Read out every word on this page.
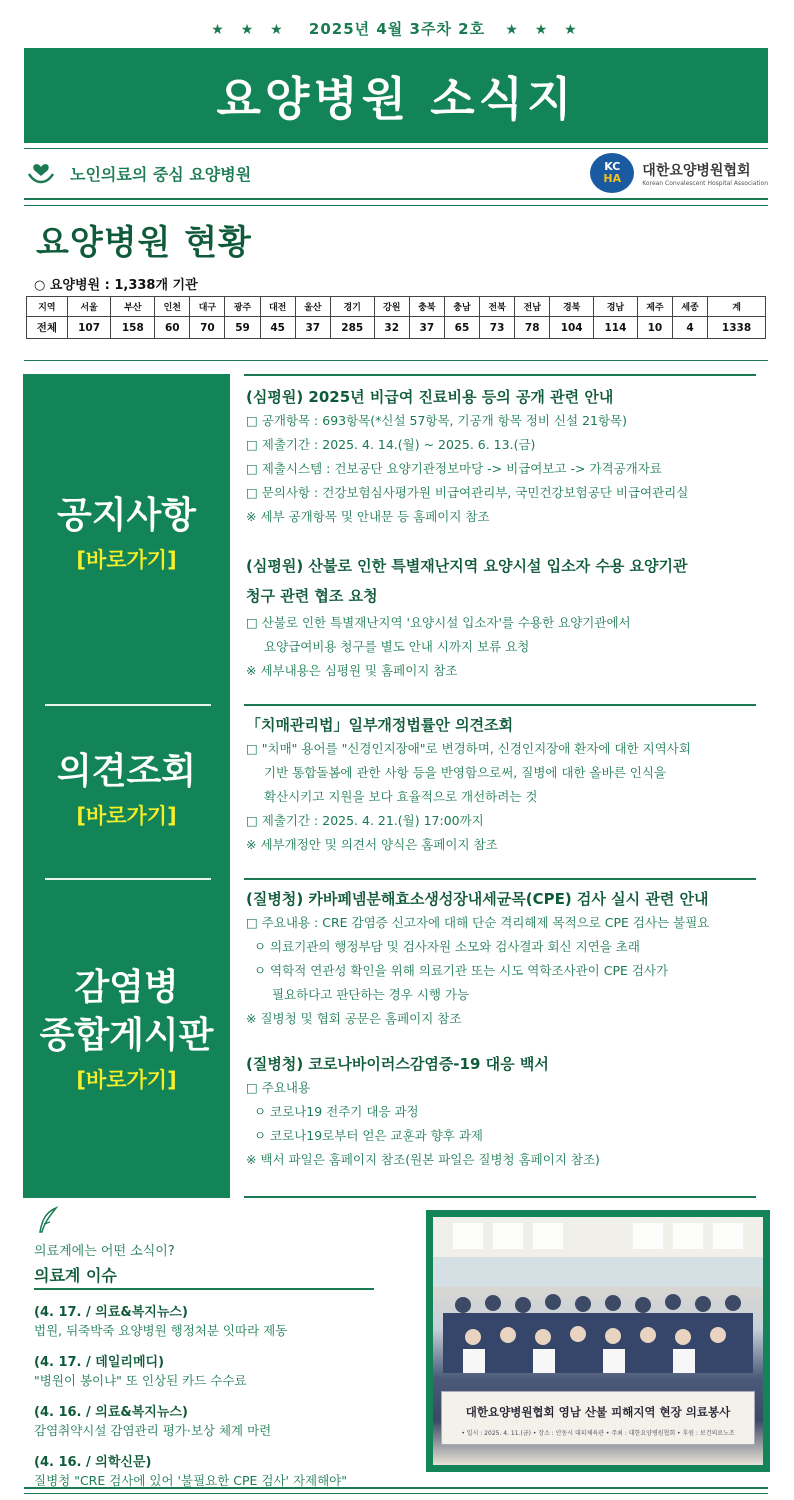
★ ★ ★ 2025년 4월 3주차 2호 ★ ★ ★
요양병원 소식지
노인의료의 중심 요양병원	KC
HA 대한요양병원협회
Korean Convalescent Hospital Association
요양병원 현황
○ 요양병원 : 1,338개 기관
지역	서울	부산	인천	대구	광주	대전	울산	경기	강원	충북	충남	전북	전남	경북	경남	제주	세종	계
전체	107	158	60	70	59	45	37	285	32	37	65	73	78	104	114	10	4	1338
공지사항
[바로가기]
의견조회
[바로가기]
감염병
종합게시판
[바로가기]
(심평원) 2025년 비급여 진료비용 등의 공개 관련 안내
□ 공개항목 : 693항목(*신설 57항목, 기공개 항목 정비 신설 21항목)
□ 제출기간 : 2025. 4. 14.(월) ~ 2025. 6. 13.(금)
□ 제출시스템 : 건보공단 요양기관정보마당 -> 비급여보고 -> 가격공개자료
□ 문의사항 : 건강보험심사평가원 비급여관리부, 국민건강보험공단 비급여관리실
※ 세부 공개항목 및 안내문 등 홈페이지 참조
(심평원) 산불로 인한 특별재난지역 요양시설 입소자 수용 요양기관
청구 관련 협조 요청
□ 산불로 인한 특별재난지역 '요양시설 입소자'를 수용한 요양기관에서
요양급여비용 청구를 별도 안내 시까지 보류 요청
※ 세부내용은 심평원 및 홈페이지 참조
「치매관리법」일부개정법률안 의견조회
□ "치매" 용어를 "신경인지장애"로 변경하며, 신경인지장애 환자에 대한 지역사회
기반 통합돌봄에 관한 사항 등을 반영함으로써, 질병에 대한 올바른 인식을
확산시키고 지원을 보다 효율적으로 개선하려는 것
□ 제출기간 : 2025. 4. 21.(월) 17:00까지
※ 세부개정안 및 의견서 양식은 홈페이지 참조
(질병청) 카바페넴분해효소생성장내세균목(CPE) 검사 실시 관련 안내
□ 주요내용 : CRE 감염증 신고자에 대해 단순 격리해제 목적으로 CPE 검사는 불필요
ㅇ 의료기관의 행정부담 및 검사자원 소모와 검사결과 회신 지연을 초래
ㅇ 역학적 연관성 확인을 위해 의료기관 또는 시도 역학조사관이 CPE 검사가
필요하다고 판단하는 경우 시행 가능
※ 질병청 및 협회 공문은 홈페이지 참조
(질병청) 코로나바이러스감염증-19 대응 백서
□ 주요내용
ㅇ 코로나19 전주기 대응 과정
ㅇ 코로나19로부터 얻은 교훈과 향후 과제
※ 백서 파일은 홈페이지 참조(원본 파일은 질병청 홈페이지 참조)
의료계에는 어떤 소식이?
의료계 이슈
(4. 17. / 의료&복지뉴스)
법원, 뒤죽박죽 요양병원 행정처분 잇따라 제동
(4. 17. / 데일리메디)
"병원이 봉이냐" 또 인상된 카드 수수료
(4. 16. / 의료&복지뉴스)
감염취약시설 감염관리 평가·보상 체계 마련
(4. 16. / 의학신문)
질병청 "CRE 검사에 있어 '불필요한 CPE 검사' 자제해야"
대한요양병원협회 영남 산불 피해지역 현장 의료봉사
• 일시 : 2025. 4. 11.(금) • 장소 : 안동시 대피체육관 • 주최 : 대한요양병원협회 • 후원 : 보건의료노조
